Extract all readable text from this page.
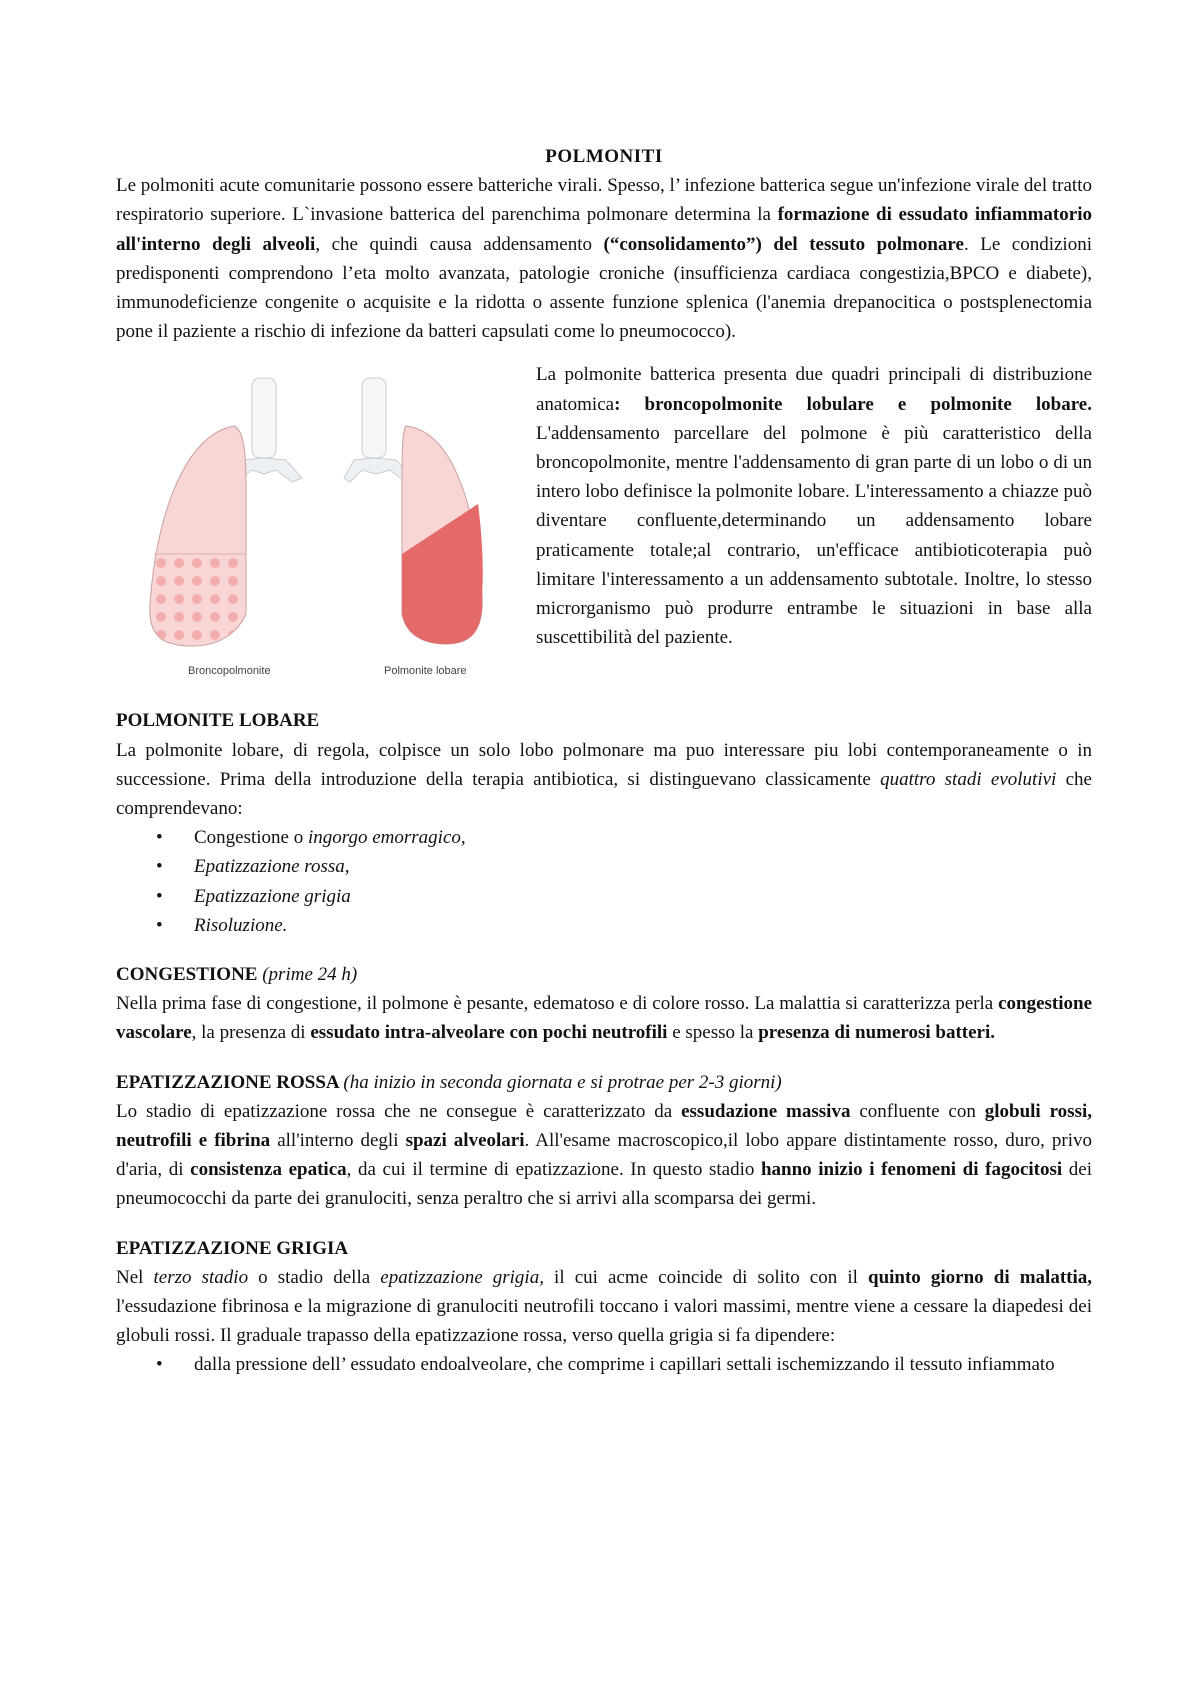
POLMONITI

Le polmoniti acute comunitarie possono essere batteriche virali. Spesso, l’ infezione batterica segue un'infezione virale del tratto respiratorio superiore. L`invasione batterica del parenchima polmonare determina la formazione di essudato infiammatorio all'interno degli alveoli, che quindi causa addensamento (“consolidamento”) del tessuto polmonare. Le condizioni predisponenti comprendono l’eta molto avanzata, patologie croniche (insufficienza cardiaca congestizia,BPCO e diabete), immunodeficienze congenite o acquisite e la ridotta o assente funzione splenica (l'anemia drepanocitica o postsplenectomia pone il paziente a rischio di infezione da batteri capsulati come lo pneumococco).

Broncopolmonite	Polmonite lobare

La polmonite batterica presenta due quadri principali di distribuzione anatomica: broncopolmonite lobulare e polmonite lobare. L'addensamento parcellare del polmone è più caratteristico della broncopolmonite, mentre l'addensamento di gran parte di un lobo o di un intero lobo definisce la polmonite lobare. L'interessamento a chiazze può diventare confluente,determinando un addensamento lobare praticamente totale;al contrario, un'efficace antibioticoterapia può limitare l'interessamento a un addensamento subtotale. Inoltre, lo stesso microrganismo può produrre entrambe le situazioni in base alla suscettibilità del paziente.

POLMONITE LOBARE

La polmonite lobare, di regola, colpisce un solo lobo polmonare ma puo interessare piu lobi contemporaneamente o in successione. Prima della introduzione della terapia antibiotica, si distinguevano classicamente quattro stadi evolutivi che comprendevano:

• Congestione o ingorgo emorragico,
• Epatizzazione rossa,
• Epatizzazione grigia
• Risoluzione.
CONGESTIONE (prime 24 h)

Nella prima fase di congestione, il polmone è pesante, edematoso e di colore rosso. La malattia si caratterizza perla congestione vascolare, la presenza di essudato intra-alveolare con pochi neutrofili e spesso la presenza di numerosi batteri.

EPATIZZAZIONE ROSSA (ha inizio in seconda giornata e si protrae per 2-3 giorni)

Lo stadio di epatizzazione rossa che ne consegue è caratterizzato da essudazione massiva confluente con globuli rossi, neutrofili e fibrina all'interno degli spazi alveolari. All'esame macroscopico,il lobo appare distintamente rosso, duro, privo d'aria, di consistenza epatica, da cui il termine di epatizzazione. In questo stadio hanno inizio i fenomeni di fagocitosi dei pneumococchi da parte dei granulociti, senza peraltro che si arrivi alla scomparsa dei germi.

EPATIZZAZIONE GRIGIA

Nel terzo stadio o stadio della epatizzazione grigia, il cui acme coincide di solito con il quinto giorno di malattia, l'essudazione fibrinosa e la migrazione di granulociti neutrofili toccano i valori massimi, mentre viene a cessare la diapedesi dei globuli rossi. Il graduale trapasso della epatizzazione rossa, verso quella grigia si fa dipendere:

• dalla pressione dell’ essudato endoalveolare, che comprime i capillari settali ischemizzando il tessuto infiammato
